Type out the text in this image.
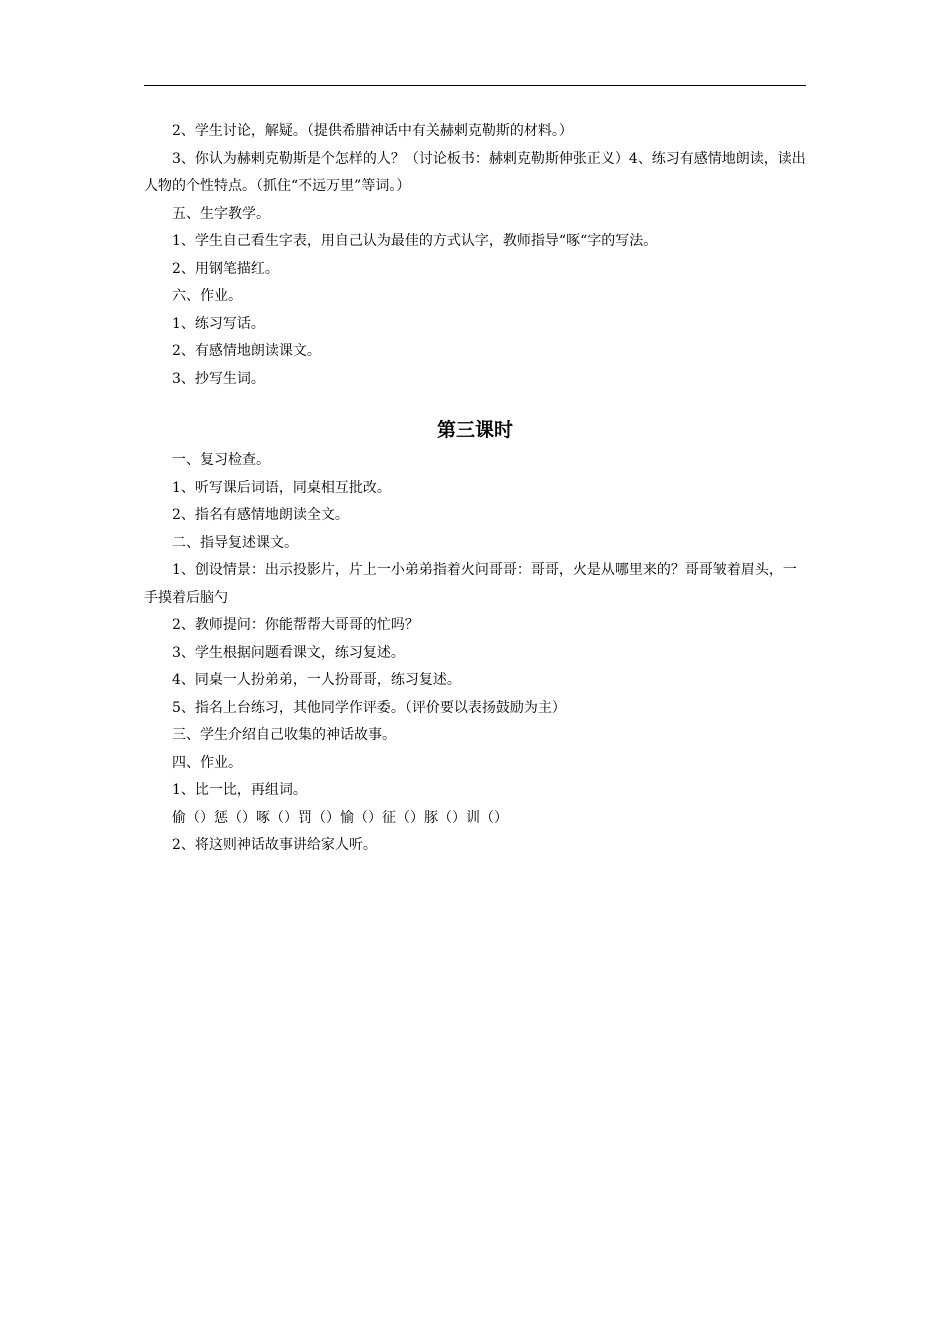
2、学生讨论，解疑。（提供希腊神话中有关赫剌克勒斯的材料。）

3、你认为赫剌克勒斯是个怎样的人？（讨论板书：赫剌克勒斯伸张正义）4、练习有感情地朗读，读出人物的个性特点。（抓住“不远万里”等词。）

五、生字教学。

1、学生自己看生字表，用自己认为最佳的方式认字，教师指导“啄“字的写法。

2、用钢笔描红。

六、作业。

1、练习写话。

2、有感情地朗读课文。

3、抄写生词。

第三课时

一、复习检查。

1、听写课后词语，同桌相互批改。

2、指名有感情地朗读全文。

二、指导复述课文。

1、创设情景：出示投影片，片上一小弟弟指着火问哥哥：哥哥，火是从哪里来的？哥哥皱着眉头，一手摸着后脑勺

2、教师提问：你能帮帮大哥哥的忙吗？

3、学生根据问题看课文，练习复述。

4、同桌一人扮弟弟，一人扮哥哥，练习复述。

5、指名上台练习，其他同学作评委。（评价要以表扬鼓励为主）

三、学生介绍自己收集的神话故事。

四、作业。

1、比一比，再组词。

偷（）惩（）啄（）罚（）愉（）征（）豚（）训（）

2、将这则神话故事讲给家人听。
